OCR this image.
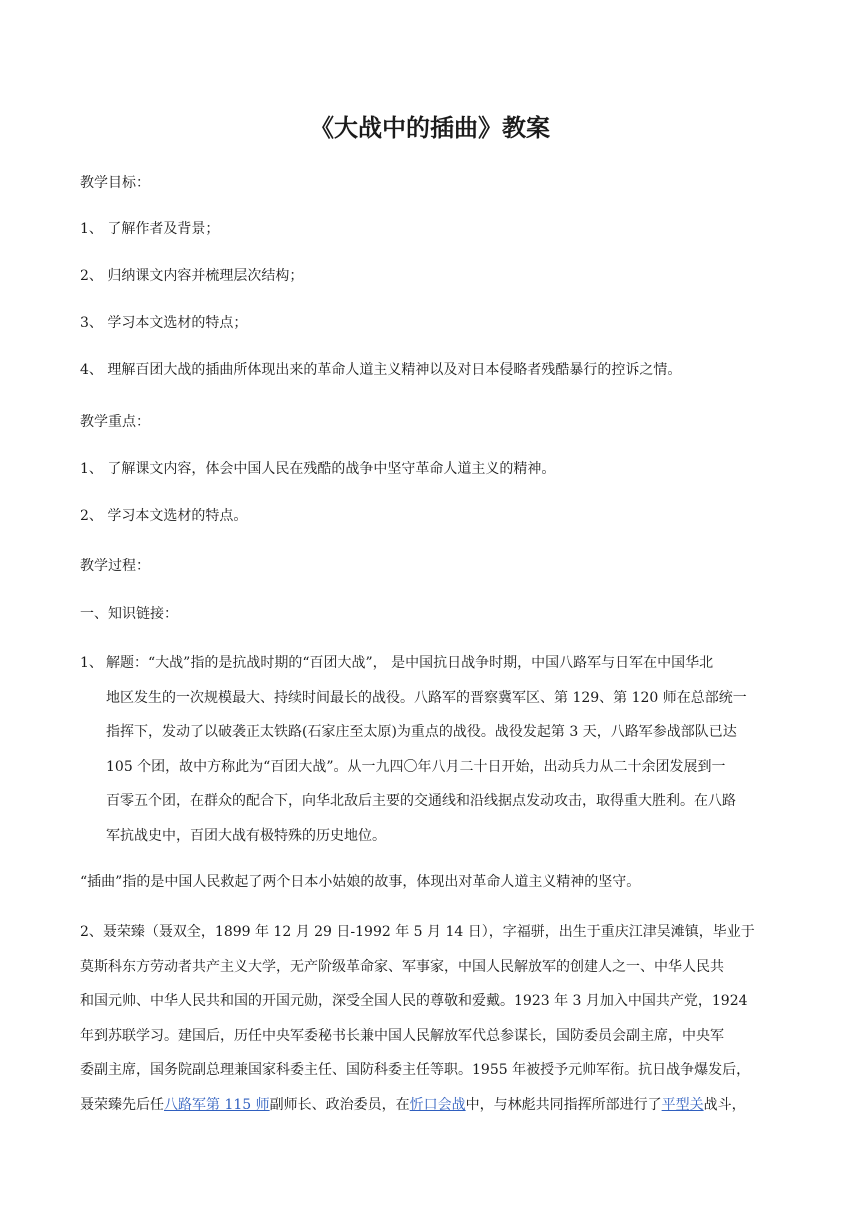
《大战中的插曲》教案
教学目标：
1、 了解作者及背景；
2、 归纳课文内容并梳理层次结构；
3、 学习本文选材的特点；
4、 理解百团大战的插曲所体现出来的革命人道主义精神以及对日本侵略者残酷暴行的控诉之情。
教学重点：
1、 了解课文内容，体会中国人民在残酷的战争中坚守革命人道主义的精神。
2、 学习本文选材的特点。
教学过程：
一、知识链接：
1、 解题：“大战”指的是抗战时期的“百团大战”， 是中国抗日战争时期，中国八路军与日军在中国华北
地区发生的一次规模最大、持续时间最长的战役。八路军的晋察冀军区、第 129、第 120 师在总部统一
指挥下，发动了以破袭正太铁路(石家庄至太原)为重点的战役。战役发起第 3 天，八路军参战部队已达
105 个团，故中方称此为“百团大战”。从一九四〇年八月二十日开始，出动兵力从二十余团发展到一
百零五个团，在群众的配合下，向华北敌后主要的交通线和沿线据点发动攻击，取得重大胜利。在八路
军抗战史中，百团大战有极特殊的历史地位。
“插曲”指的是中国人民救起了两个日本小姑娘的故事，体现出对革命人道主义精神的坚守。
2、聂荣臻（聂双全，1899 年 12 月 29 日-1992 年 5 月 14 日），字福骈，出生于重庆江津吴滩镇，毕业于
莫斯科东方劳动者共产主义大学，无产阶级革命家、军事家，中国人民解放军的创建人之一、中华人民共
和国元帅、中华人民共和国的开国元勋，深受全国人民的尊敬和爱戴。1923 年 3 月加入中国共产党，1924
年到苏联学习。建国后，历任中央军委秘书长兼中国人民解放军代总参谋长，国防委员会副主席，中央军
委副主席，国务院副总理兼国家科委主任、国防科委主任等职。1955 年被授予元帅军衔。抗日战争爆发后，
聂荣臻先后任八路军第 115 师副师长、政治委员，在忻口会战中，与林彪共同指挥所部进行了平型关战斗，
